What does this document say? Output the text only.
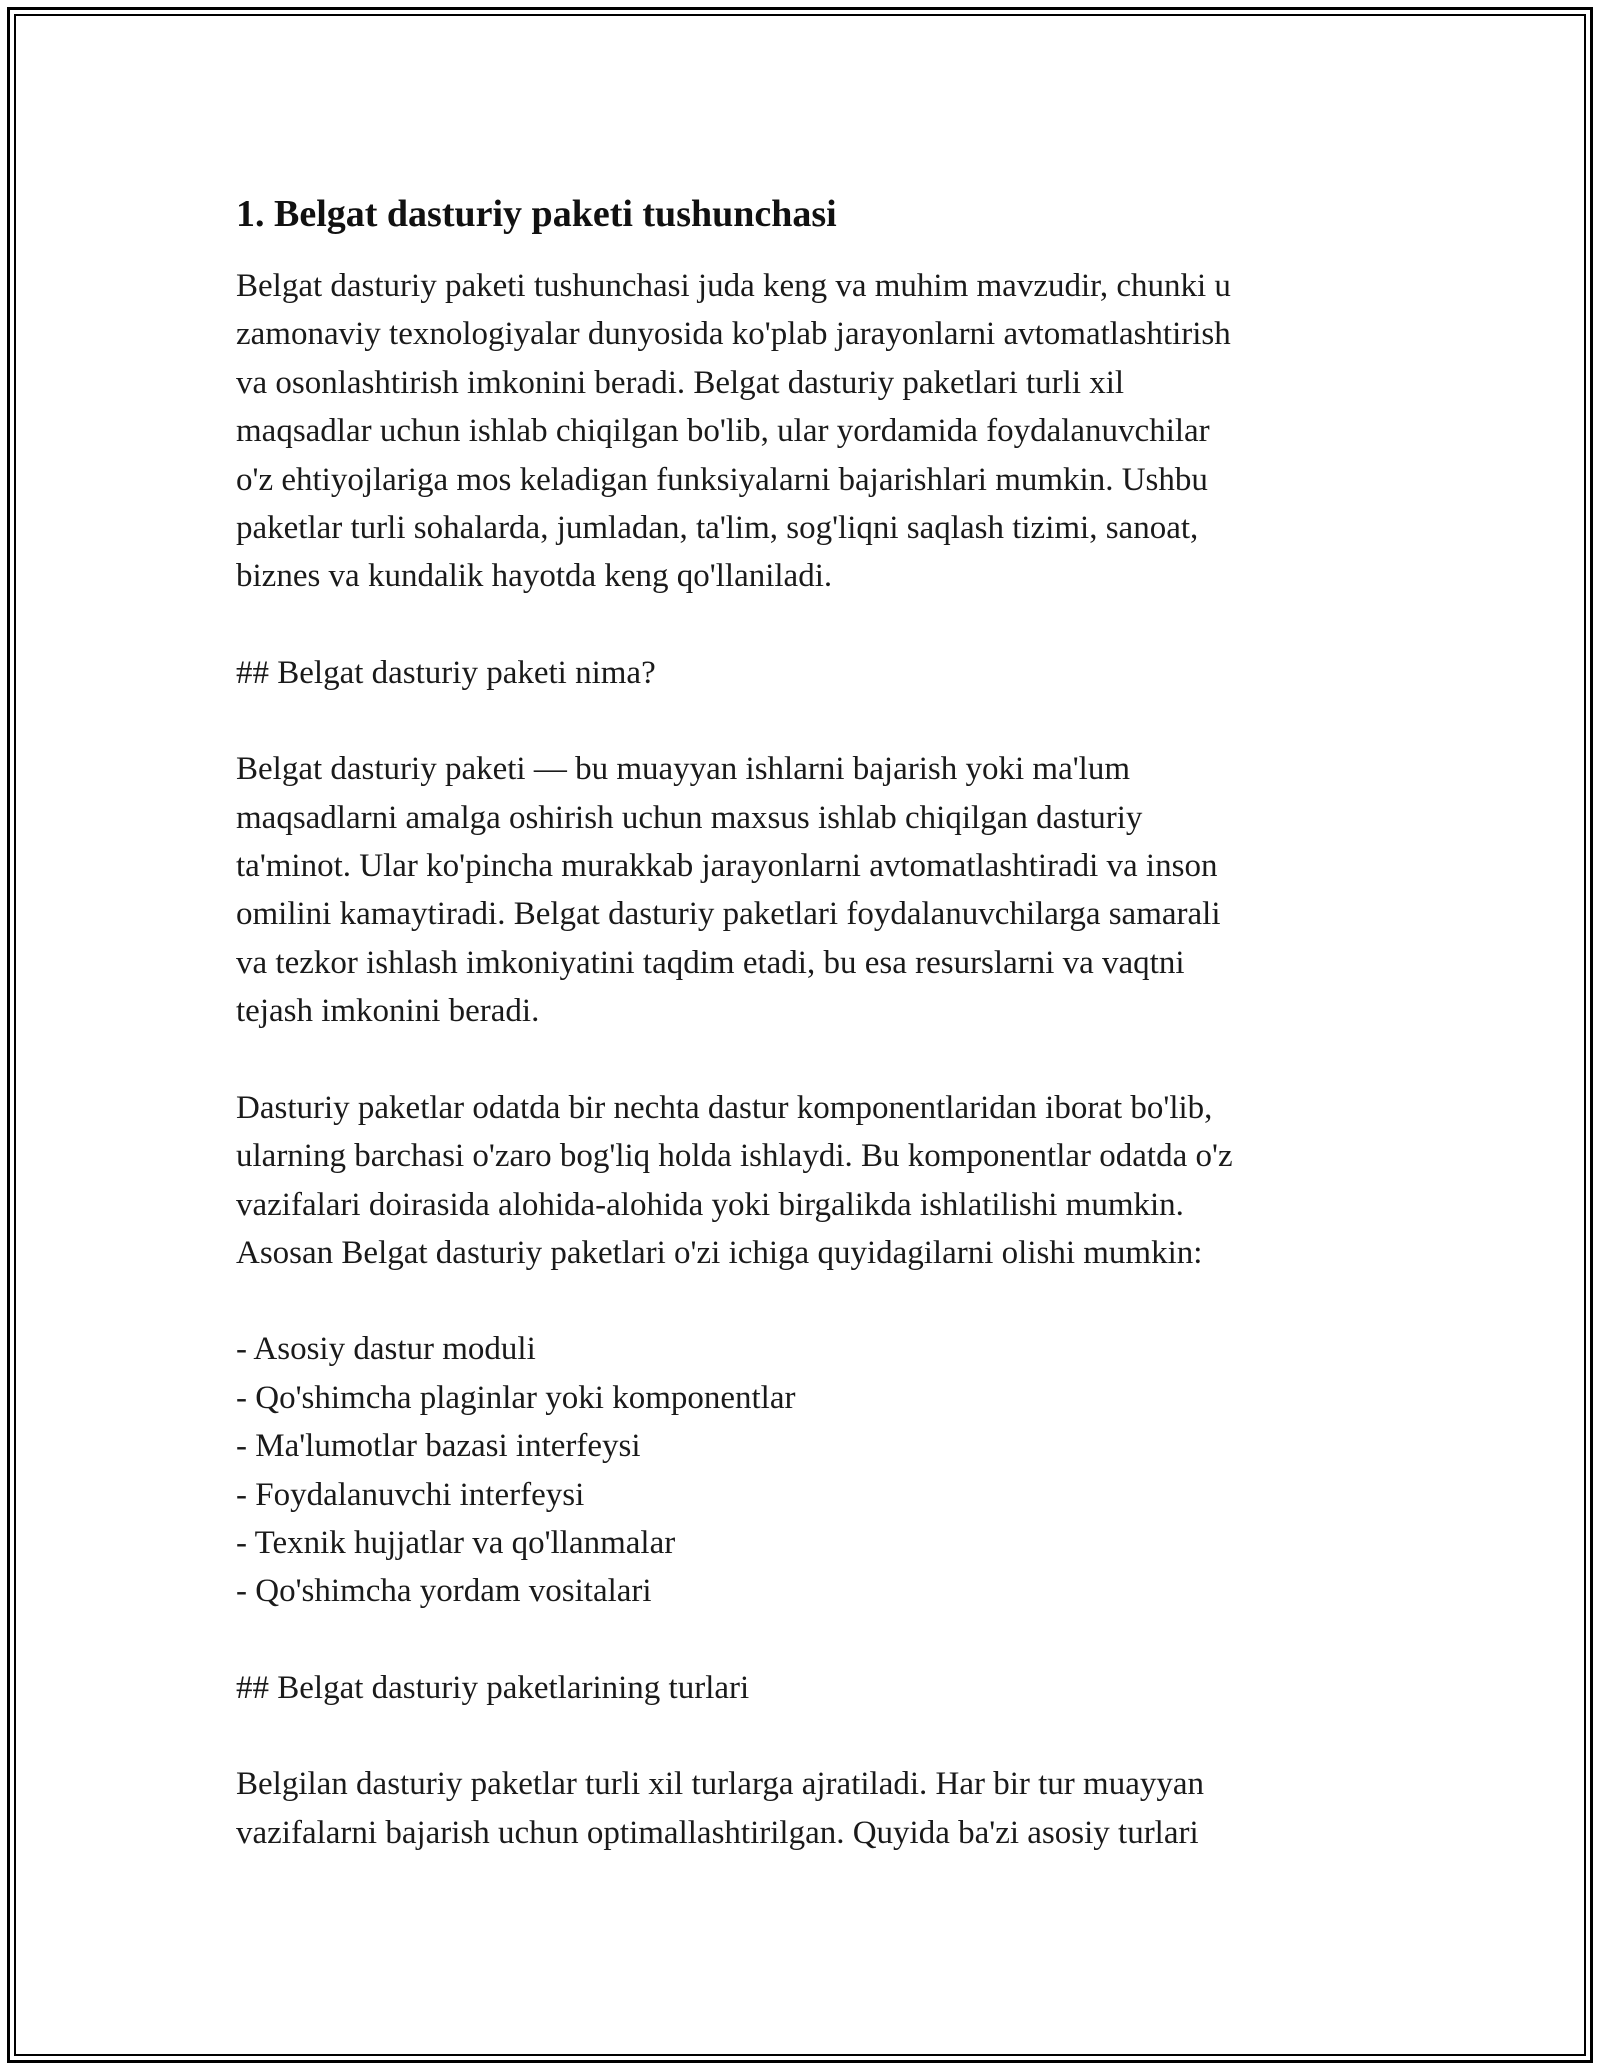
1. Belgat dasturiy paketi tushunchasi
Belgat dasturiy paketi tushunchasi juda keng va muhim mavzudir, chunki u
zamonaviy texnologiyalar dunyosida ko'plab jarayonlarni avtomatlashtirish
va osonlashtirish imkonini beradi. Belgat dasturiy paketlari turli xil
maqsadlar uchun ishlab chiqilgan bo'lib, ular yordamida foydalanuvchilar
o'z ehtiyojlariga mos keladigan funksiyalarni bajarishlari mumkin. Ushbu
paketlar turli sohalarda, jumladan, ta'lim, sog'liqni saqlash tizimi, sanoat,
biznes va kundalik hayotda keng qo'llaniladi.
## Belgat dasturiy paketi nima?
Belgat dasturiy paketi — bu muayyan ishlarni bajarish yoki ma'lum
maqsadlarni amalga oshirish uchun maxsus ishlab chiqilgan dasturiy
ta'minot. Ular ko'pincha murakkab jarayonlarni avtomatlashtiradi va inson
omilini kamaytiradi. Belgat dasturiy paketlari foydalanuvchilarga samarali
va tezkor ishlash imkoniyatini taqdim etadi, bu esa resurslarni va vaqtni
tejash imkonini beradi.
Dasturiy paketlar odatda bir nechta dastur komponentlaridan iborat bo'lib,
ularning barchasi o'zaro bog'liq holda ishlaydi. Bu komponentlar odatda o'z
vazifalari doirasida alohida-alohida yoki birgalikda ishlatilishi mumkin.
Asosan Belgat dasturiy paketlari o'zi ichiga quyidagilarni olishi mumkin:
- Asosiy dastur moduli
- Qo'shimcha plaginlar yoki komponentlar
- Ma'lumotlar bazasi interfeysi
- Foydalanuvchi interfeysi
- Texnik hujjatlar va qo'llanmalar
- Qo'shimcha yordam vositalari
## Belgat dasturiy paketlarining turlari
Belgilan dasturiy paketlar turli xil turlarga ajratiladi. Har bir tur muayyan
vazifalarni bajarish uchun optimallashtirilgan. Quyida ba'zi asosiy turlari
